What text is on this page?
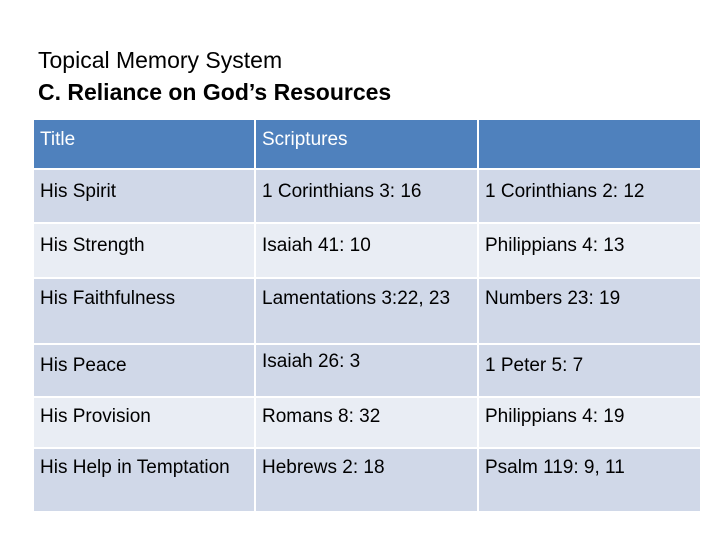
Topical Memory System
C. Reliance on God’s Resources
Title	Scriptures	
His Spirit	1 Corinthians 3: 16	1 Corinthians 2: 12
His Strength	Isaiah 41: 10	Philippians 4: 13
His Faithfulness	Lamentations 3:22, 23	Numbers 23: 19
His Peace	Isaiah 26: 3	1 Peter 5: 7
His Provision	Romans 8: 32	Philippians 4: 19
His Help in Temptation	Hebrews 2: 18	Psalm 119: 9, 11
